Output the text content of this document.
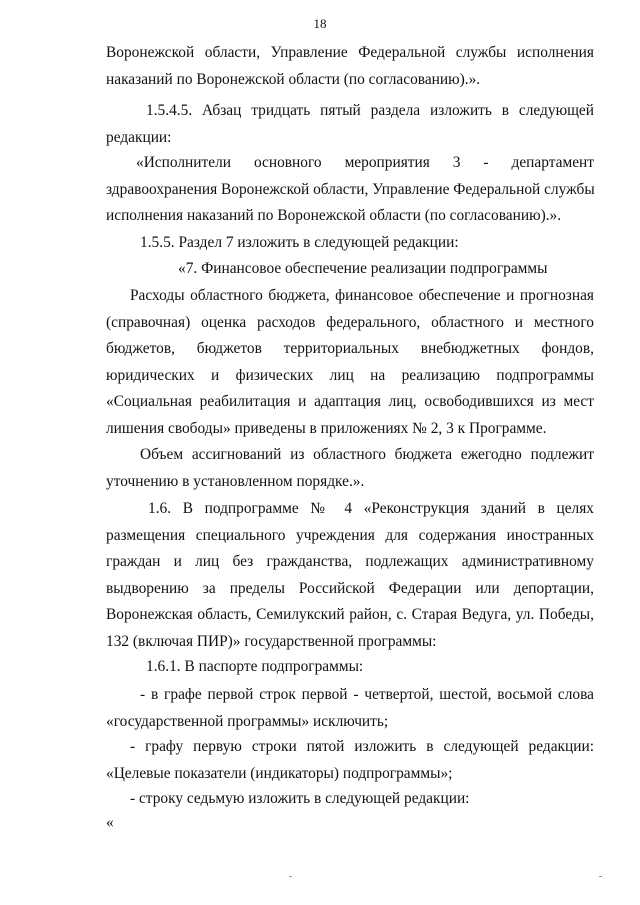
18
Воронежской области, Управление Федеральной службы исполнения
наказаний по Воронежской области (по согласованию).».
1.5.4.5. Абзац тридцать пятый раздела изложить в следующей
редакции:
«Исполнители основного мероприятия 3 - департамент
здравоохранения Воронежской области, Управление Федеральной службы
исполнения наказаний по Воронежской области (по согласованию).».
1.5.5. Раздел 7 изложить в следующей редакции:
«7. Финансовое обеспечение реализации подпрограммы
Расходы областного бюджета, финансовое обеспечение и прогнозная
(справочная) оценка расходов федерального, областного и местного
бюджетов, бюджетов территориальных внебюджетных фондов,
юридических и физических лиц на реализацию подпрограммы
«Социальная реабилитация и адаптация лиц, освободившихся из мест
лишения свободы» приведены в приложениях № 2, 3 к Программе.
Объем ассигнований из областного бюджета ежегодно подлежит
уточнению в установленном порядке.».
1.6. В подпрограмме № 4 «Реконструкция зданий в целях
размещения специального учреждения для содержания иностранных
граждан и лиц без гражданства, подлежащих административному
выдворению за пределы Российской Федерации или депортации,
Воронежская область, Семилукский район, с. Старая Ведуга, ул. Победы,
132 (включая ПИР)» государственной программы:
1.6.1. В паспорте подпрограммы:
- в графе первой строк первой - четвертой, шестой, восьмой слова
«государственной программы» исключить;
- графу первую строки пятой изложить в следующей редакции:
«Целевые показатели (индикаторы) подпрограммы»;
- строку седьмую изложить в следующей редакции:
«
